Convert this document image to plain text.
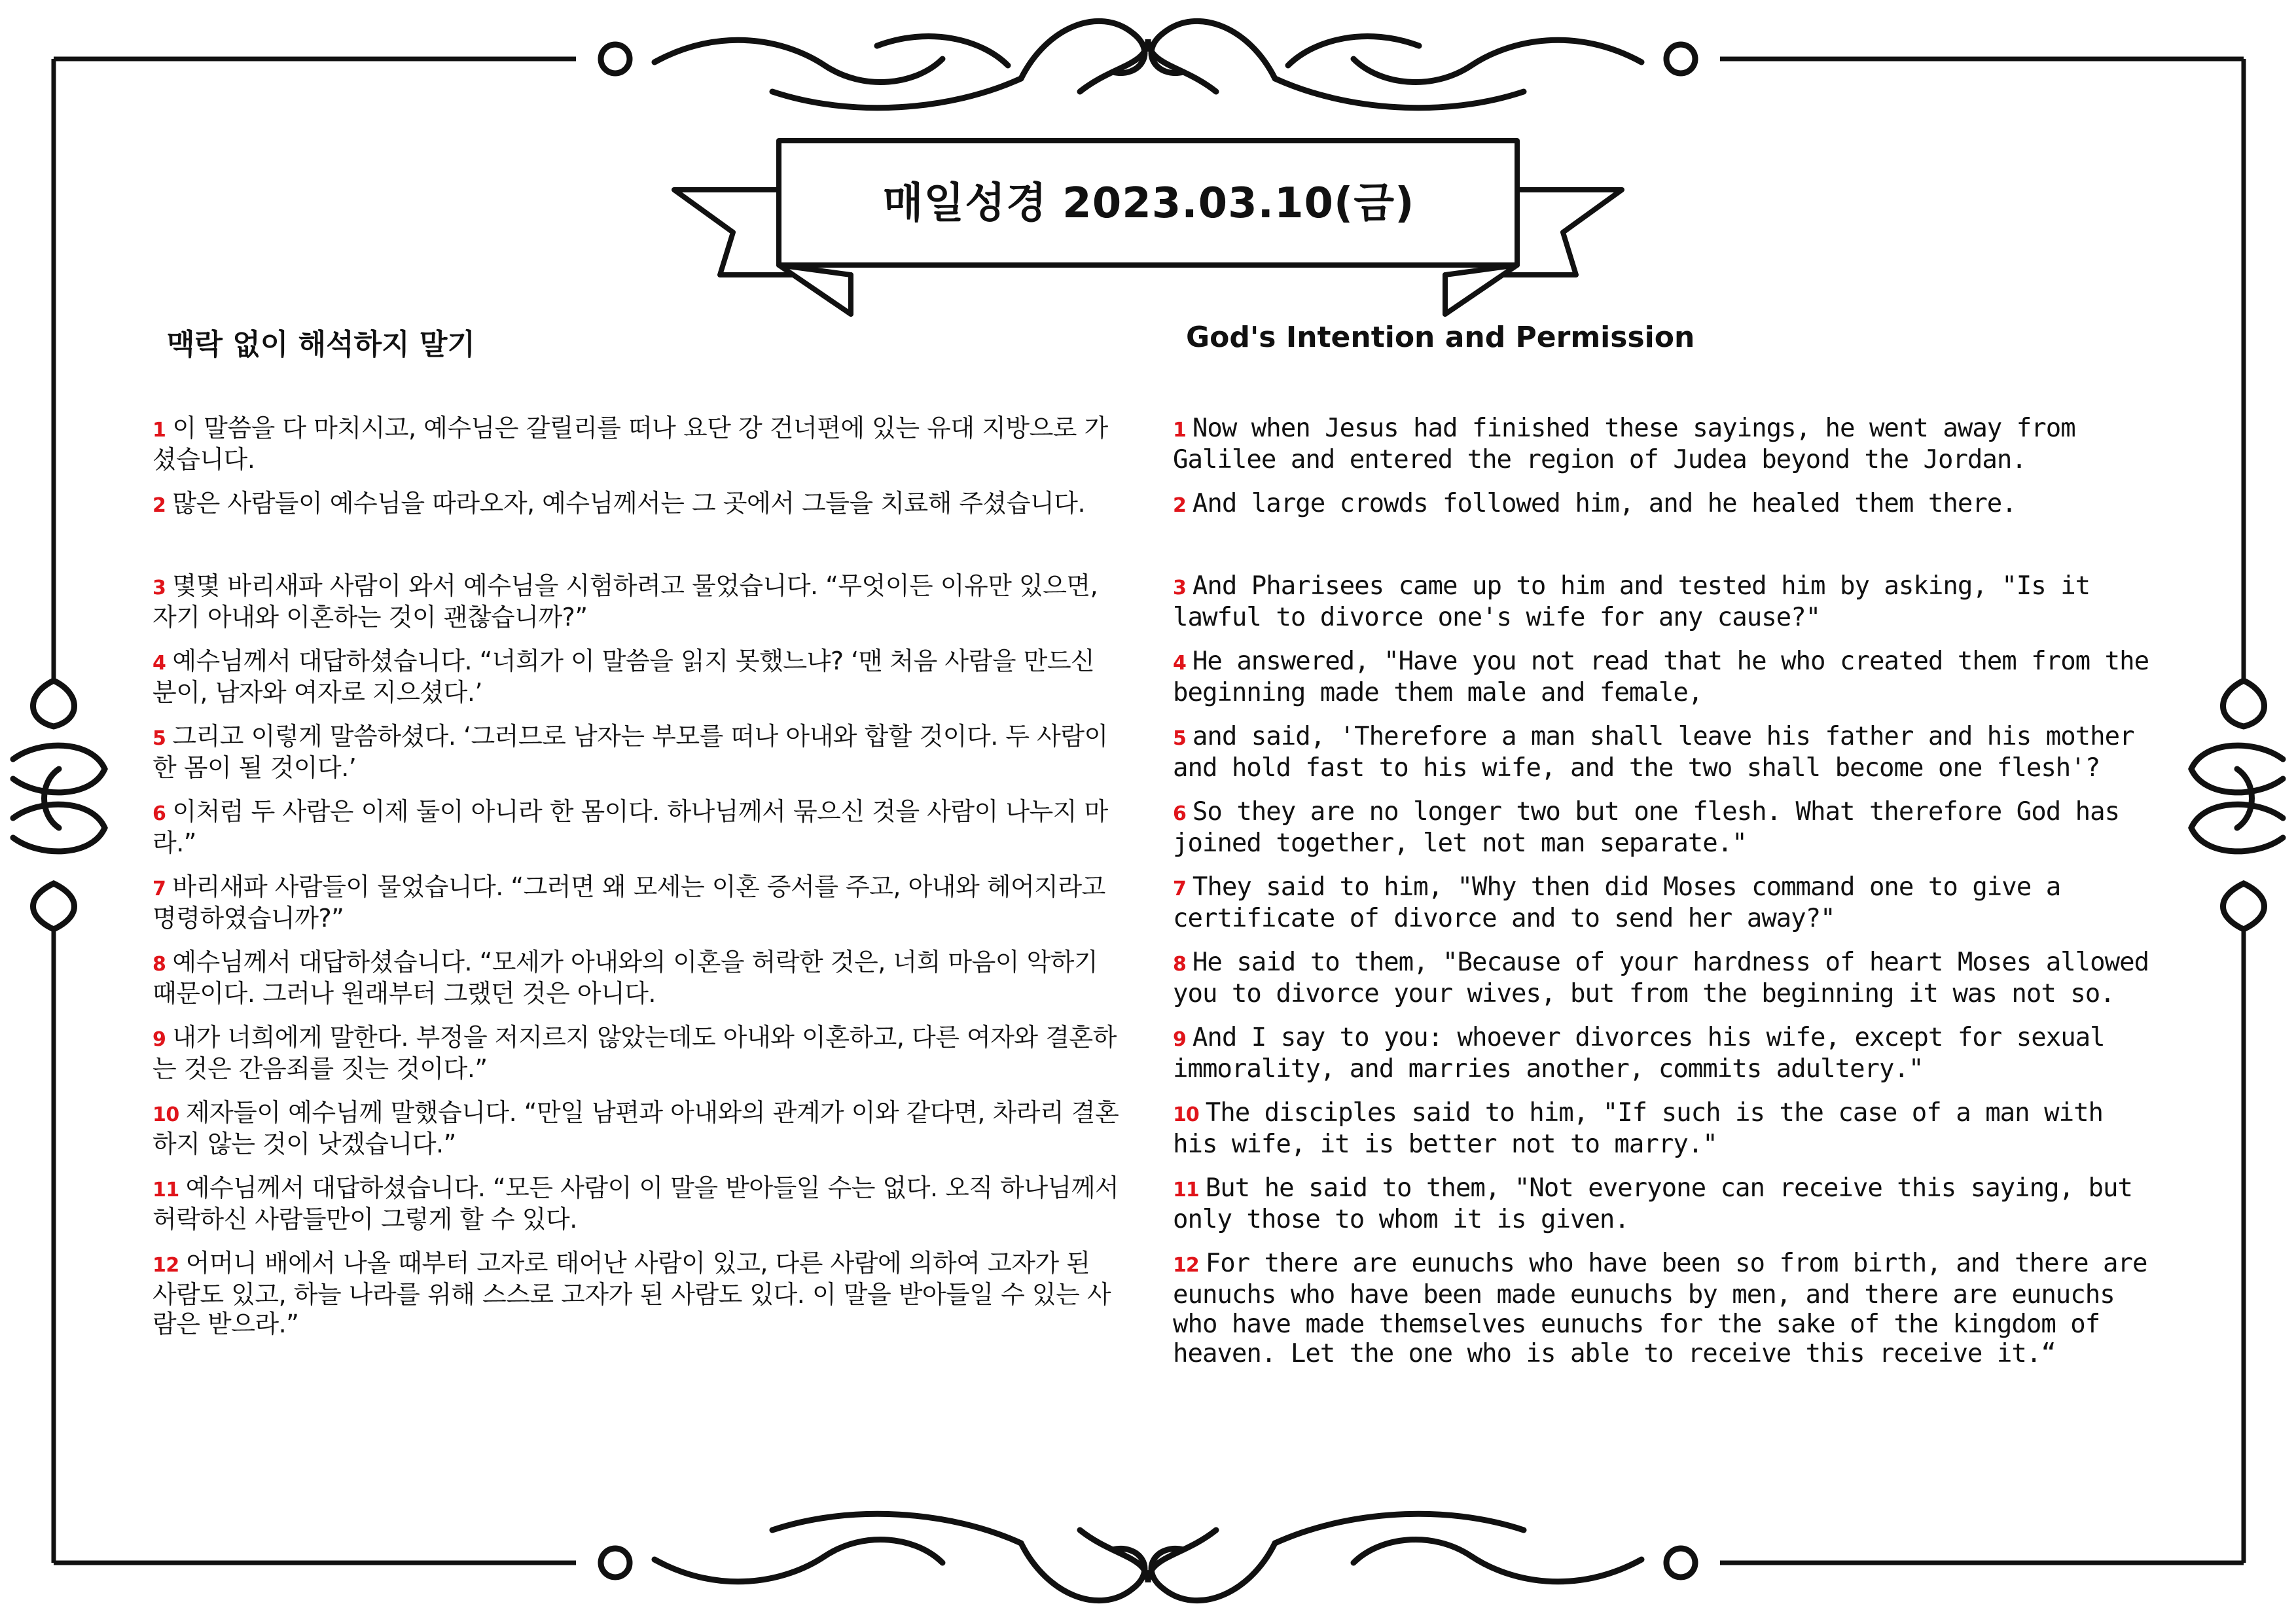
매일성경 2023.03.10(금)
맥락 없이 해석하지 말기	God's Intention and Permission

1 이 말씀을 다 마치시고, 예수님은 갈릴리를 떠나 요단 강 건너편에 있는 유대 지방으로 가셨습니다.

2 많은 사람들이 예수님을 따라오자, 예수님께서는 그 곳에서 그들을 치료해 주셨습니다.

3 몇몇 바리새파 사람이 와서 예수님을 시험하려고 물었습니다. “무엇이든 이유만 있으면, 자기 아내와 이혼하는 것이 괜찮습니까?”

4 예수님께서 대답하셨습니다. “너희가 이 말씀을 읽지 못했느냐? ‘맨 처음 사람을 만드신 분이, 남자와 여자로 지으셨다.’

5 그리고 이렇게 말씀하셨다. ‘그러므로 남자는 부모를 떠나 아내와 합할 것이다. 두 사람이 한 몸이 될 것이다.’

6 이처럼 두 사람은 이제 둘이 아니라 한 몸이다. 하나님께서 묶으신 것을 사람이 나누지 마라.”

7 바리새파 사람들이 물었습니다. “그러면 왜 모세는 이혼 증서를 주고, 아내와 헤어지라고 명령하였습니까?”

8 예수님께서 대답하셨습니다. “모세가 아내와의 이혼을 허락한 것은, 너희 마음이 악하기 때문이다. 그러나 원래부터 그랬던 것은 아니다.

9 내가 너희에게 말한다. 부정을 저지르지 않았는데도 아내와 이혼하고, 다른 여자와 결혼하는 것은 간음죄를 짓는 것이다.”

10 제자들이 예수님께 말했습니다. “만일 남편과 아내와의 관계가 이와 같다면, 차라리 결혼하지 않는 것이 낫겠습니다.”

11 예수님께서 대답하셨습니다. “모든 사람이 이 말을 받아들일 수는 없다. 오직 하나님께서 허락하신 사람들만이 그렇게 할 수 있다.

12 어머니 배에서 나올 때부터 고자로 태어난 사람이 있고, 다른 사람에 의하여 고자가 된 사람도 있고, 하늘 나라를 위해 스스로 고자가 된 사람도 있다. 이 말을 받아들일 수 있는 사람은 받으라.”

1 Now when Jesus had finished these sayings, he went away from Galilee and entered the region of Judea beyond the Jordan.

2 And large crowds followed him, and he healed them there.

3 And Pharisees came up to him and tested him by asking, "Is it lawful to divorce one's wife for any cause?"

4 He answered, "Have you not read that he who created them from the beginning made them male and female,

5 and said, 'Therefore a man shall leave his father and his mother and hold fast to his wife, and the two shall become one flesh'?

6 So they are no longer two but one flesh. What therefore God has joined together, let not man separate."

7 They said to him, "Why then did Moses command one to give a certificate of divorce and to send her away?"

8 He said to them, "Because of your hardness of heart Moses allowed you to divorce your wives, but from the beginning it was not so.

9 And I say to you: whoever divorces his wife, except for sexual immorality, and marries another, commits adultery."

10 The disciples said to him, "If such is the case of a man with his wife, it is better not to marry."

11 But he said to them, "Not everyone can receive this saying, but only those to whom it is given.

12 For there are eunuchs who have been so from birth, and there are eunuchs who have been made eunuchs by men, and there are eunuchs who have made themselves eunuchs for the sake of the kingdom of heaven. Let the one who is able to receive this receive it.“
